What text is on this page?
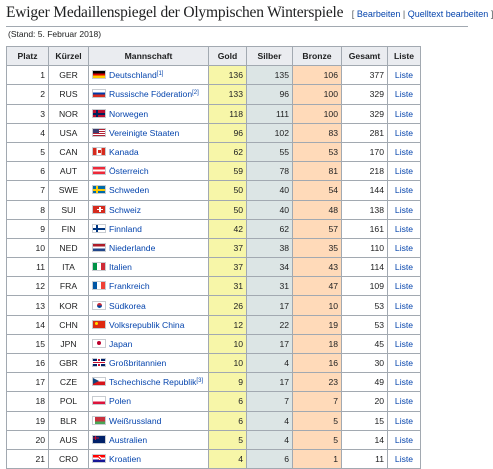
Ewiger Medaillenspiegel der Olympischen Winterspiele [ Bearbeiten | Quelltext bearbeiten
(Stand: 5. Februar 2018)
Platz	Kürzel	Mannschaft	Gold	Silber	Bronze	Gesamt	Liste
1	GER	Deutschland[1]	136	135	106	377	Liste
2	RUS	Russische Föderation[2]	133	96	100	329	Liste
3	NOR	Norwegen	118	111	100	329	Liste
4	USA	Vereinigte Staaten	96	102	83	281	Liste
5	CAN	Kanada	62	55	53	170	Liste
6	AUT	Österreich	59	78	81	218	Liste
7	SWE	Schweden	50	40	54	144	Liste
8	SUI	Schweiz	50	40	48	138	Liste
9	FIN	Finnland	42	62	57	161	Liste
10	NED	Niederlande	37	38	35	110	Liste
11	ITA	Italien	37	34	43	114	Liste
12	FRA	Frankreich	31	31	47	109	Liste
13	KOR	Südkorea	26	17	10	53	Liste
14	CHN	Volksrepublik China	12	22	19	53	Liste
15	JPN	Japan	10	17	18	45	Liste
16	GBR	Großbritannien	10	4	16	30	Liste
17	CZE	Tschechische Republik[3]	9	17	23	49	Liste
18	POL	Polen	6	7	7	20	Liste
19	BLR	Weißrussland	6	4	5	15	Liste
20	AUS	Australien	5	4	5	14	Liste
21	CRO	Kroatien	4	6	1	11	Liste
